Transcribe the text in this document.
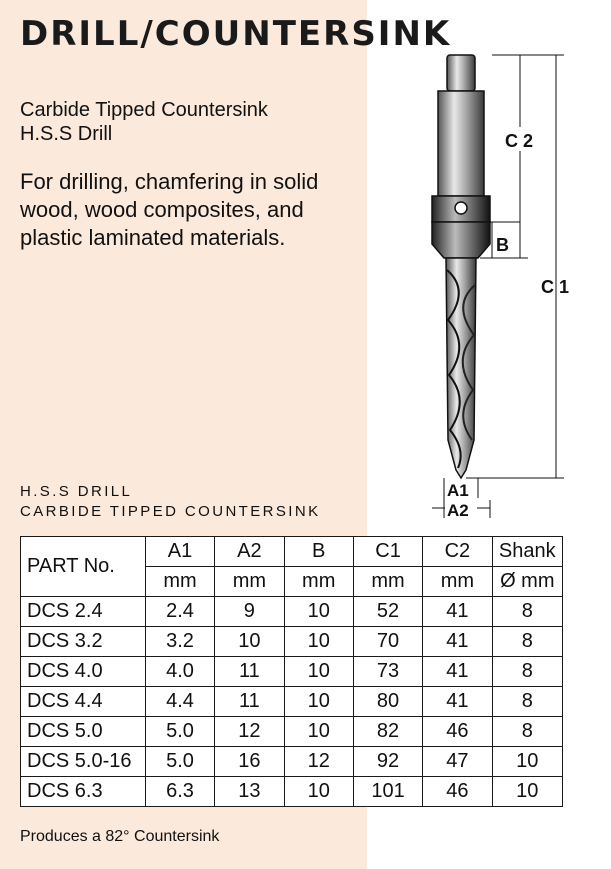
DRILL/COUNTERSINK
Carbide Tipped Countersink
H.S.S Drill
For drilling, chamfering in solid
wood, wood composites, and
plastic laminated materials.
H.S.S DRILL
CARBIDE TIPPED COUNTERSINK
C 1
C 2
B
A1
A2
PART No.	A1	A2	B	C1	C2	Shank
	mm	mm	mm	mm	mm	Ø mm
DCS 2.4	2.4	9	10	52	41	8
DCS 3.2	3.2	10	10	70	41	8
DCS 4.0	4.0	11	10	73	41	8
DCS 4.4	4.4	11	10	80	41	8
DCS 5.0	5.0	12	10	82	46	8
DCS 5.0-16	5.0	16	12	92	47	10
DCS 6.3	6.3	13	10	101	46	10
Produces a 82° Countersink
